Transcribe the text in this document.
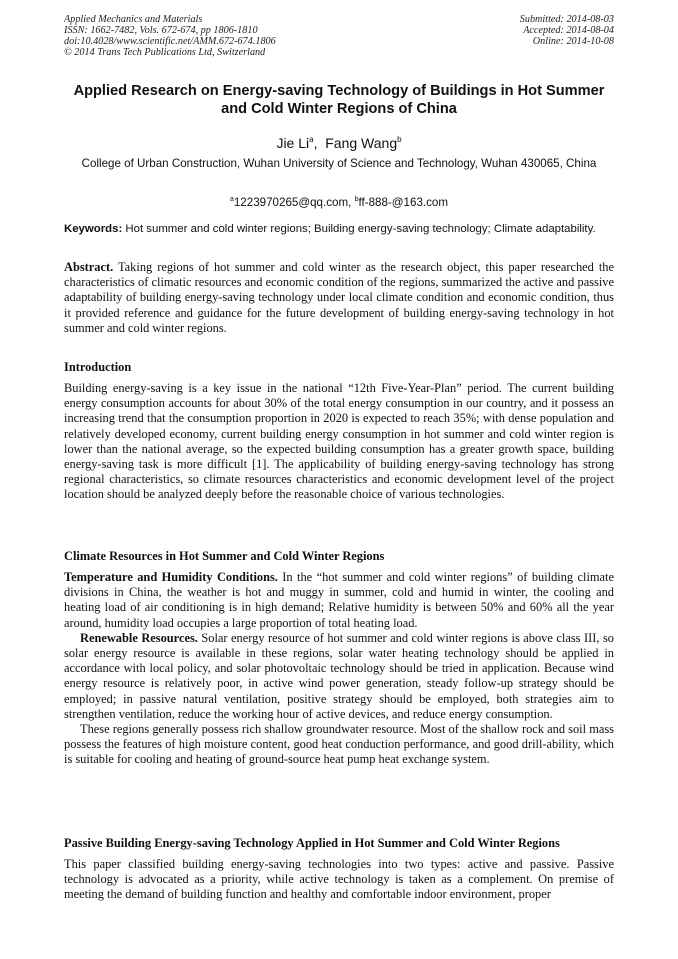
Applied Mechanics and Materials
ISSN: 1662-7482, Vols. 672-674, pp 1806-1810
doi:10.4028/www.scientific.net/AMM.672-674.1806
© 2014 Trans Tech Publications Ltd, Switzerland
Submitted: 2014-08-03
Accepted: 2014-08-04
Online: 2014-10-08
Applied Research on Energy-saving Technology of Buildings in Hot Summer and Cold Winter Regions of China
Jie Li$^a$,  Fang Wang$^b$
College of Urban Construction, Wuhan University of Science and Technology, Wuhan 430065, China
$^a$1223970265@qq.com, $^b$ff-888-@163.com
Keywords: Hot summer and cold winter regions; Building energy-saving technology; Climate adaptability.

Abstract. Taking regions of hot summer and cold winter as the research object, this paper researched the characteristics of climatic resources and economic condition of the regions, summarized the active and passive adaptability of building energy-saving technology under local climate condition and economic condition, thus it provided reference and guidance for the future development of building energy-saving technology in hot summer and cold winter regions.

Introduction

Building energy-saving is a key issue in the national “12th Five-Year-Plan” period. The current building energy consumption accounts for about 30% of the total energy consumption in our country, and it possess an increasing trend that the consumption proportion in 2020 is expected to reach 35%; with dense population and relatively developed economy, current building energy consumption in hot summer and cold winter region is lower than the national average, so the expected building consumption has a greater growth space, building energy-saving task is more difficult [1]. The applicability of building energy-saving technology has strong regional characteristics, so climate resources characteristics and economic development level of the project location should be analyzed deeply before the reasonable choice of various technologies.

Climate Resources in Hot Summer and Cold Winter Regions

Temperature and Humidity Conditions. In the “hot summer and cold winter regions” of building climate divisions in China, the weather is hot and muggy in summer, cold and humid in winter, the cooling and heating load of air conditioning is in high demand; Relative humidity is between 50% and 60% all the year around, humidity load occupies a large proportion of total heating load.

Renewable Resources. Solar energy resource of hot summer and cold winter regions is above class III, so solar energy resource is available in these regions, solar water heating technology should be applied in accordance with local policy, and solar photovoltaic technology should be tried in application. Because wind energy resource is relatively poor, in active wind power generation, steady follow-up strategy should be employed; in passive natural ventilation, positive strategy should be employed, both strategies aim to strengthen ventilation, reduce the working hour of active devices, and reduce energy consumption.

These regions generally possess rich shallow groundwater resource. Most of the shallow rock and soil mass possess the features of high moisture content, good heat conduction performance, and good drill-ability, which is suitable for cooling and heating of ground-source heat pump heat exchange system.

Passive Building Energy-saving Technology Applied in Hot Summer and Cold Winter Regions

This paper classified building energy-saving technologies into two types: active and passive. Passive technology is advocated as a priority, while active technology is taken as a complement. On premise of meeting the demand of building function and healthy and comfortable indoor environment, proper
